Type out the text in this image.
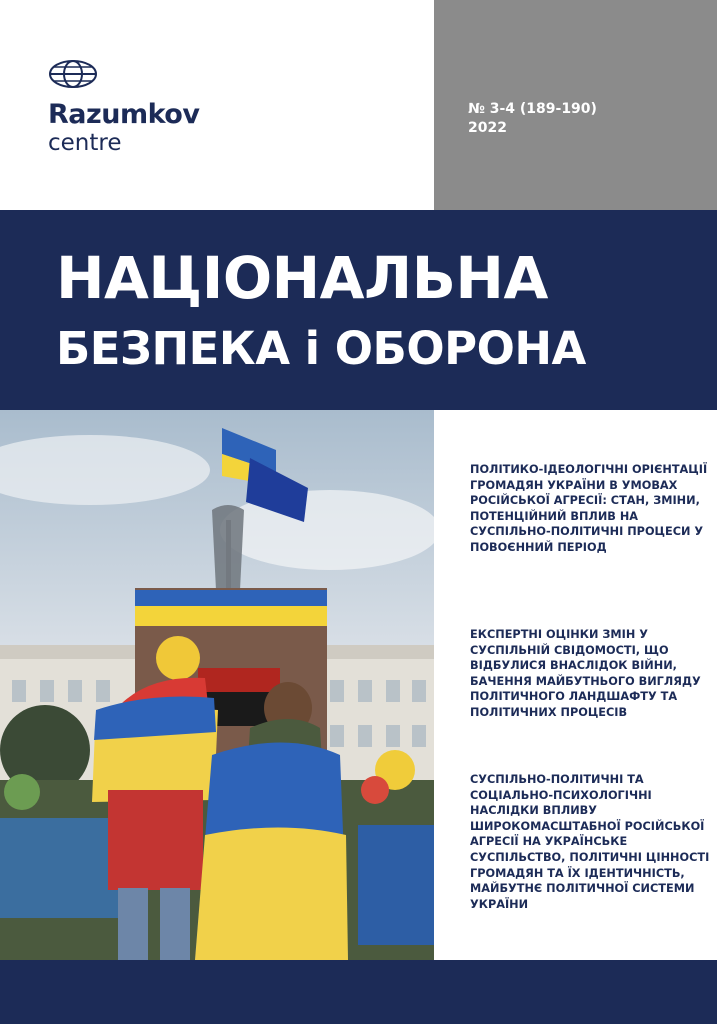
Razumkov
centre
№ 3-4 (189-190)
2022
НАЦІОНАЛЬНА
БЕЗПЕКА і ОБОРОНА
ПОЛІТИКО-ІДЕОЛОГІЧНІ ОРІЄНТАЦІЇ ГРОМАДЯН УКРАЇНИ В УМОВАХ РОСІЙСЬКОЇ АГРЕСІЇ: СТАН, ЗМІНИ, ПОТЕНЦІЙНИЙ ВПЛИВ НА СУСПІЛЬНО-ПОЛІТИЧНІ ПРОЦЕСИ У ПОВОЄННИЙ ПЕРІОД
ЕКСПЕРТНІ ОЦІНКИ ЗМІН У СУСПІЛЬНІЙ СВІДОМОСТІ, ЩО ВІДБУЛИСЯ ВНАСЛІДОК ВІЙНИ, БАЧЕННЯ МАЙБУТНЬОГО ВИГЛЯДУ ПОЛІТИЧНОГО ЛАНДШАФТУ ТА ПОЛІТИЧНИХ ПРОЦЕСІВ
СУСПІЛЬНО-ПОЛІТИЧНІ ТА СОЦІАЛЬНО-ПСИХОЛОГІЧНІ НАСЛІДКИ ВПЛИВУ ШИРОКОМАСШТАБНОЇ РОСІЙСЬКОЇ АГРЕСІЇ НА УКРАЇНСЬКЕ СУСПІЛЬСТВО, ПОЛІТИЧНІ ЦІННОСТІ ГРОМАДЯН ТА ЇХ ІДЕНТИЧНІСТЬ, МАЙБУТНЄ ПОЛІТИЧНОЇ СИСТЕМИ УКРАЇНИ
